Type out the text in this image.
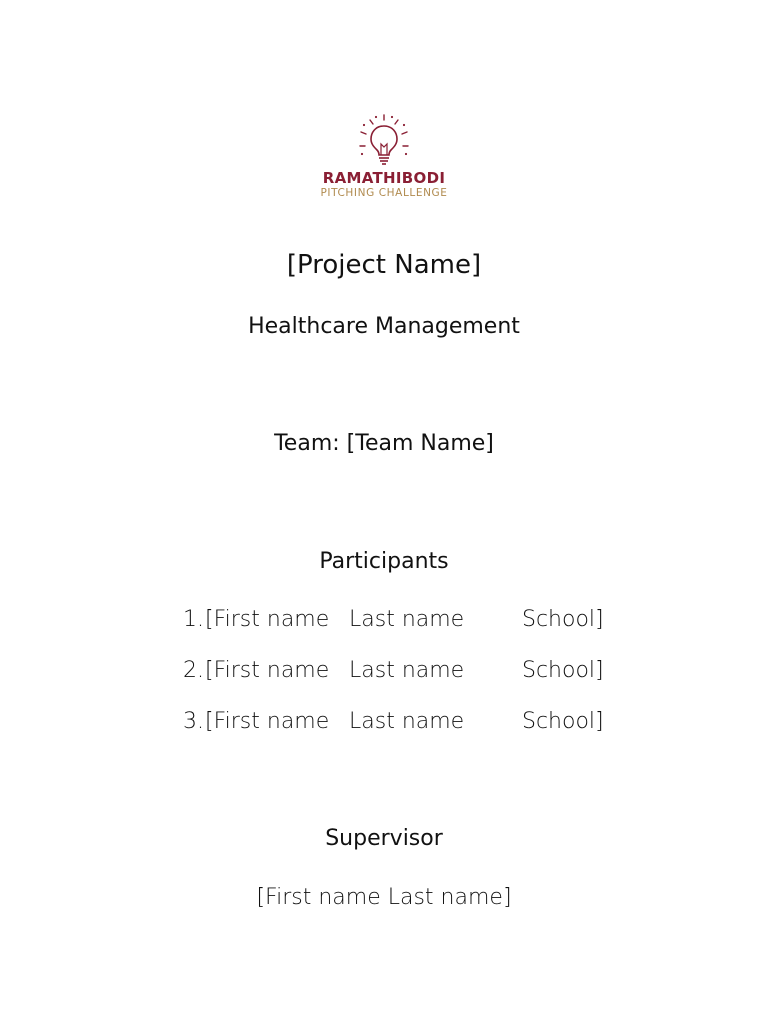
RAMATHIBODI
PITCHING CHALLENGE
[Project Name]
Healthcare Management
Team: [Team Name]
Participants
1. [First name Last name	School]
2. [First name Last name	School]
3. [First name Last name	School]
Supervisor
[First name Last name]
